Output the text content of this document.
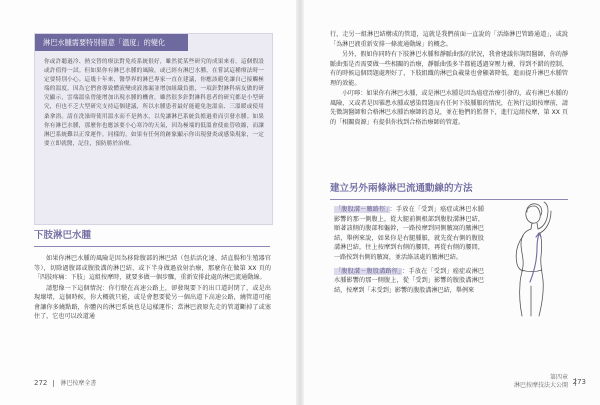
淋巴水腫需要特別留意「溫度」的變化
你或許聽過冷、熱交替的療法對免疫系統很好，雖然從某些研究的成果來看，這個假設或許值得一試。但如果你有淋巴水腫的風險，或已經有淋巴水腫，在嘗試這種療法時一定要特別小心。這幾十年來，醫學界的淋巴專家一直在建議，你應該避免讓自己接觸極端的溫度。因為它們會導致體液變成液滲漏並增加組織負擔，一項針對淋科病友做的研究顯示，雲端溫泉曾能增加出現水腫的機會，雖然很多針對淋科患者的研究都是小型研究，但也不乏大型研究支持這個建議，所以水腫患者最好能避免泡溫泉、三溫暖或使用桑拿浴。請在洗澡時使用溫水而不是熱水，以免讓淋巴系統負擔過重而引發水腫。如果你有淋巴水腫，那麼你也應該要小心寒冷的天氣，因為極端的低溫會使血管收縮，而讓淋巴系統難以正常運作。同樣的，如果有任何的跡象顯示你出現發炎或感染現象，一定要立即就醫，記住，預防勝於治療。
下肢淋巴水腫

如果你淋巴水腫的風險是因為移除腹部的淋巴結（包括活化達、結直腸和生殖器官等），切除過腹部或腹股溝的淋巴結，或下半身做過放射治療，那麼你在做第 XX 頁的「四肢疼痛：下肢」這組按摩時，就要多做一個步驟，重新安排此處的淋巴流通動線。

請想像一下這個情況：你行駛在高速公路上，卻發現要下的出口道封閉了，或是出現壞堵，這個時候，你大概就只能，或是會想要從另一個出道下高速公路，繞管道可能會讓你多繞點路，你體內的淋巴系統也是這樣運作；當淋巴液原先走的管道斷掉了或塞住了，它也可以改道通

272 淋巴按摩全書

行，走另一組淋巴結構成的管道，這就是我們前面一直說的「活絡淋巴管路通道」，或說「為淋巴液重新安排一條流通動線」的概念。

另外，假如你同時有下肢淋巴水腫和靜脈曲張的狀況，我會建議你詢問醫師，你的靜脈曲張是否需要做一些相關的治療，靜脈曲張多半都能透過穿壓力襪，得到不錯的控制，有的時候這個問題處理好了，下肢組織的淋巴負載量也會顯著降低，進而提升淋巴水腫管理的效能。

小叮嚀：如果你有淋巴水腫，或是淋巴水腫是因為癌症治療引發的，或有淋巴水腫的風險，又或者是因罹患水腫或感染問題而有任何下肢腫脹的情況，在執行這組按摩前，請先徵詢醫師和合格淋巴水腫治療師的意見，並在他們的監督下，進行這組按摩，第 XX 頁的「相關資源」有提供你找到合格治療師的管道。

建立另外兩條淋巴流通動線的方法

「腹股溝－腋路徑」：手放在「受到」癌症或淋巴水腫影響的那一側腹上，從大腿前側根部到腹股溝淋巴結，順著該側的腹部和軀幹，一路按摩到同側腋窩的腋淋巴結，舉例來說，如果你是右腿腫脹，就先從右側的腹股溝淋巴結，往上按摩到右側的腰間，再從右側的腰間，一路按到右側的腋窩，並活絡該處的腋淋巴結。

「腹股溝－腹股溝路徑」：手放在「受到」癌症或淋巴水腫影響的那一側腹上，從「受到」影響的腹股溝淋巴結，按摩到「未受到」影響的腹股溝淋巴結，舉例來

第四章
淋巴按摩技法大公開 273
